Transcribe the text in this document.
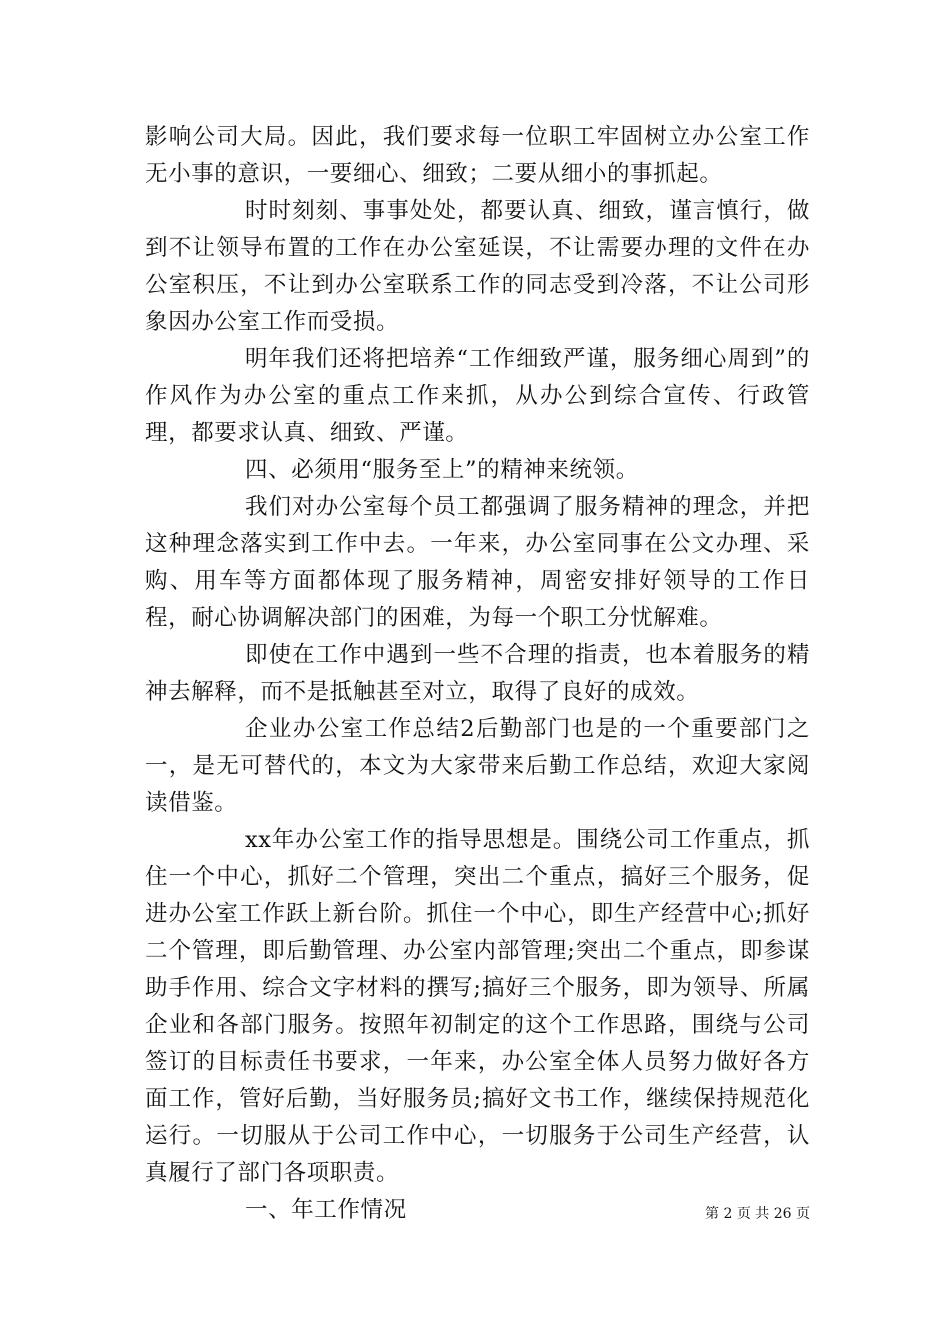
影响公司大局。因此，我们要求每一位职工牢固树立办公室工作无小事的意识，一要细心、细致；二要从细小的事抓起。

时时刻刻、事事处处，都要认真、细致，谨言慎行，做到不让领导布置的工作在办公室延误，不让需要办理的文件在办公室积压，不让到办公室联系工作的同志受到冷落，不让公司形象因办公室工作而受损。

明年我们还将把培养“工作细致严谨，服务细心周到”的作风作为办公室的重点工作来抓，从办公到综合宣传、行政管理，都要求认真、细致、严谨。

四、必须用“服务至上”的精神来统领。

我们对办公室每个员工都强调了服务精神的理念，并把这种理念落实到工作中去。一年来，办公室同事在公文办理、采购、用车等方面都体现了服务精神，周密安排好领导的工作日程，耐心协调解决部门的困难，为每一个职工分忧解难。

即使在工作中遇到一些不合理的指责，也本着服务的精神去解释，而不是抵触甚至对立，取得了良好的成效。

企业办公室工作总结2后勤部门也是的一个重要部门之一，是无可替代的，本文为大家带来后勤工作总结，欢迎大家阅读借鉴。

xx年办公室工作的指导思想是。围绕公司工作重点，抓住一个中心，抓好二个管理，突出二个重点，搞好三个服务，促进办公室工作跃上新台阶。抓住一个中心，即生产经营中心;抓好二个管理，即后勤管理、办公室内部管理;突出二个重点，即参谋助手作用、综合文字材料的撰写;搞好三个服务，即为领导、所属企业和各部门服务。按照年初制定的这个工作思路，围绕与公司签订的目标责任书要求，一年来，办公室全体人员努力做好各方面工作，管好后勤，当好服务员;搞好文书工作，继续保持规范化运行。一切服从于公司工作中心，一切服务于公司生产经营，认真履行了部门各项职责。

一、年工作情况	第 2 页 共 26 页
